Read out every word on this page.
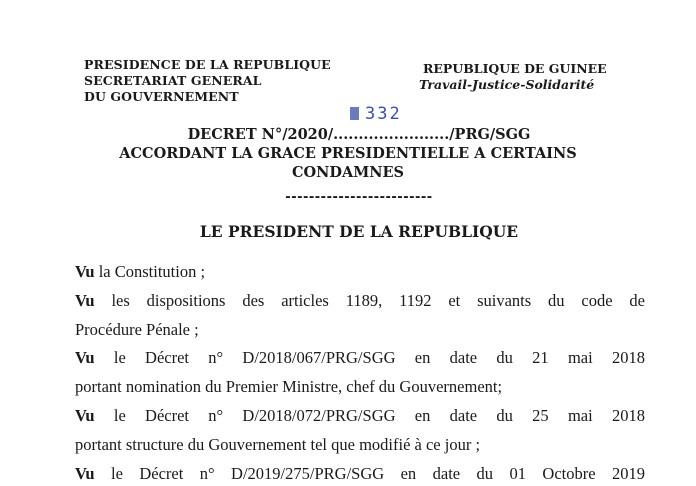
PRESIDENCE DE LA REPUBLIQUE
SECRETARIAT GENERAL
DU GOUVERNEMENT
REPUBLIQUE DE GUINEE
Travail-Justice-Solidarité
332
DECRET N°/2020/......................./PRG/SGG
ACCORDANT LA GRACE PRESIDENTIELLE A CERTAINS
CONDAMNES
-------------------------
LE PRESIDENT DE LA REPUBLIQUE

Vu la Constitution ;

Vu les dispositions des articles 1189, 1192 et suivants du code de

Procédure Pénale ;

Vu le Décret n° D/2018/067/PRG/SGG en date du 21 mai 2018

portant nomination du Premier Ministre, chef du Gouvernement;

Vu le Décret n° D/2018/072/PRG/SGG en date du 25 mai 2018

portant structure du Gouvernement tel que modifié à ce jour ;

Vu le Décret n° D/2019/275/PRG/SGG en date du 01 Octobre 2019
